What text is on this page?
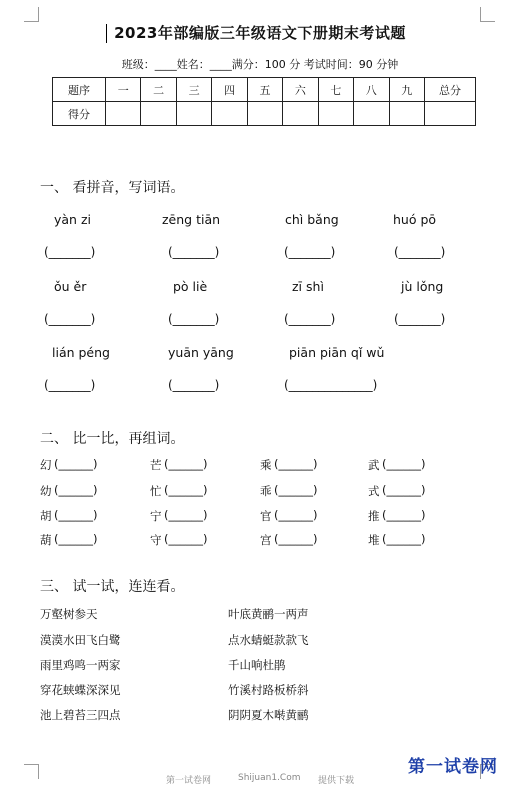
2023年部编版三年级语文下册期末考试题
班级：____姓名：____满分：100 分 考试时间：90 分钟
题序	一	二	三	四	五	六	七	八	九	总分
得分										
一、 看拼音，写词语。
yàn zi	zēng tiān	chì bǎng	huó pō
(_______)	(_______)	(_______)	(_______)
ǒu ěr	pò liè	zī shì	jù lǒng
(_______)	(_______)	(_______)	(_______)
lián péng	yuān yāng	piān piān qǐ wǔ
(_______)	(_______)	(______________)
二、 比一比，再组词。
幻 (______)	芒 (______)	乘 (______)	武 (______)
幼 (______)	忙 (______)	乖 (______)	式 (______)
胡 (______)	宁 (______)	官 (______)	推 (______)
葫 (______)	守 (______)	宫 (______)	堆 (______)
三、 试一试，连连看。
万壑树参天
漠漠水田飞白鹭
雨里鸡鸣一两家
穿花蛱蝶深深见
池上碧苔三四点
叶底黄鹂一两声
点水蜻蜓款款飞
千山响杜鹃
竹溪村路板桥斜
阴阴夏木啭黄鹂
第一试卷网	Shijuan1.Com 提供下载
第一试卷网
